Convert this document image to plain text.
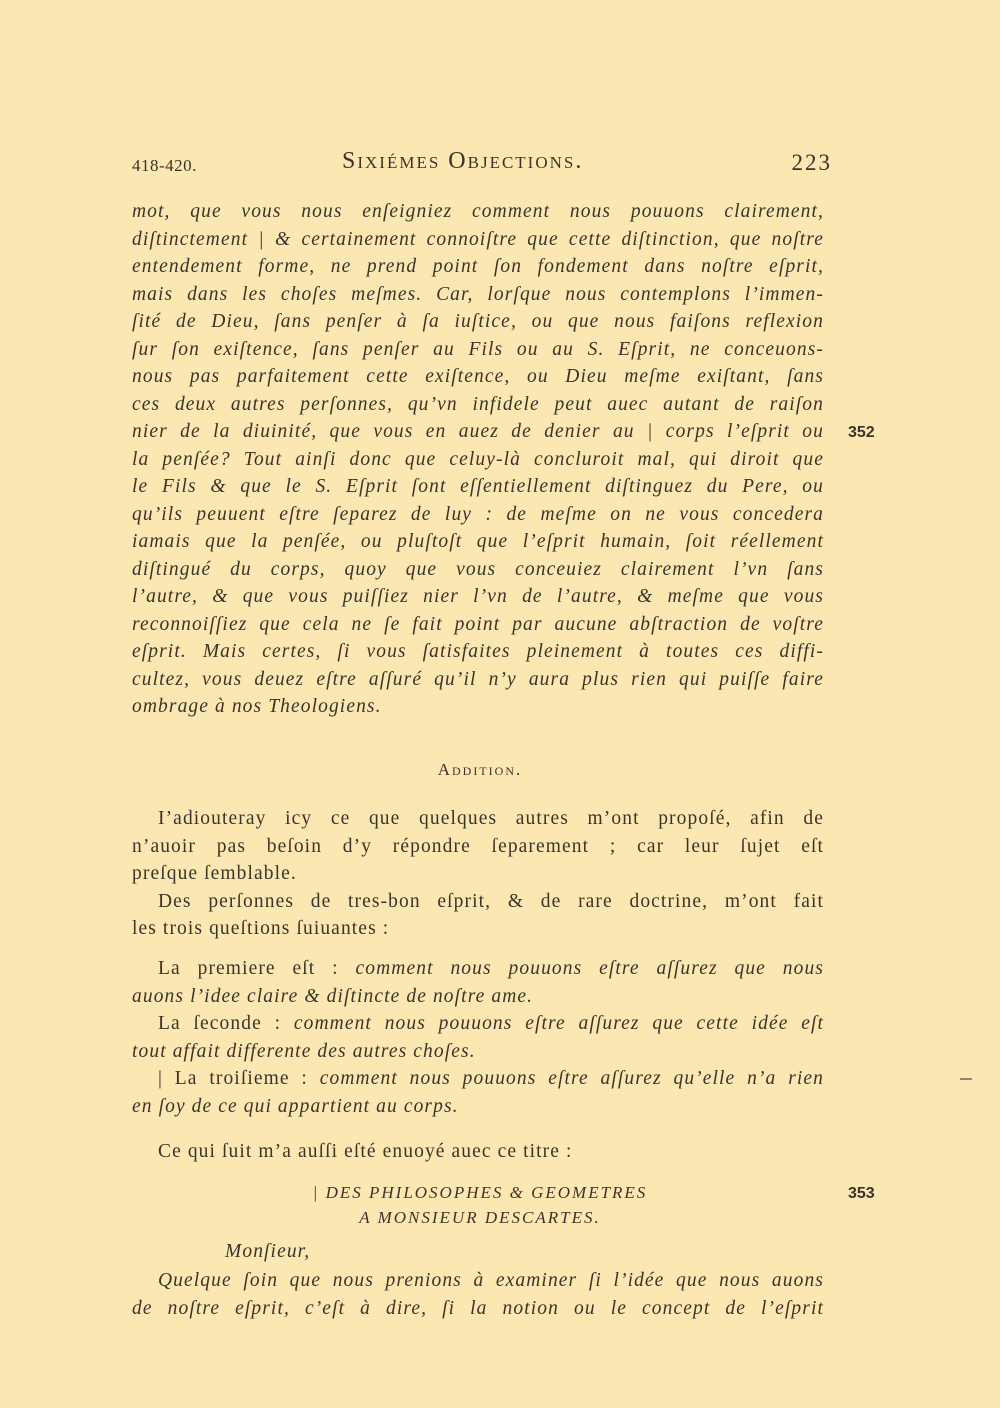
418-420.	Sixiémes Objections.	223
mot, que vous nous enſeigniez comment nous pouuons clairement,
diſtinctement | & certainement connoiſtre que cette diſtinction, que noſtre
entendement forme, ne prend point ſon fondement dans noſtre eſprit,
mais dans les choſes meſmes. Car, lorſque nous contemplons l’immen-
ſité de Dieu, ſans penſer à ſa iuſtice, ou que nous faiſons reflexion
ſur ſon exiſtence, ſans penſer au Fils ou au S. Eſprit, ne conceuons-
nous pas parfaitement cette exiſtence, ou Dieu meſme exiſtant, ſans
ces deux autres perſonnes, qu’vn infidele peut auec autant de raiſon
nier de la diuinité, que vous en auez de denier au | corps l’eſprit ou
la penſée? Tout ainſi donc que celuy-là concluroit mal, qui diroit que
le Fils & que le S. Eſprit ſont eſſentiellement diſtinguez du Pere, ou
qu’ils peuuent eſtre ſeparez de luy : de meſme on ne vous concedera
iamais que la penſée, ou pluſtoſt que l’eſprit humain, ſoit réellement
diſtingué du corps, quoy que vous conceuiez clairement l’vn ſans
l’autre, & que vous puiſſiez nier l’vn de l’autre, & meſme que vous
reconnoiſſiez que cela ne ſe fait point par aucune abſtraction de voſtre
eſprit. Mais certes, ſi vous ſatisfaites pleinement à toutes ces diffi-
cultez, vous deuez eſtre aſſuré qu’il n’y aura plus rien qui puiſſe faire
ombrage à nos Theologiens.
352
Addition.
I’adiouteray icy ce que quelques autres m’ont propoſé, afin de
n’auoir pas beſoin d’y répondre ſeparement ; car leur ſujet eſt
preſque ſemblable.
Des perſonnes de tres-bon eſprit, & de rare doctrine, m’ont fait
les trois queſtions ſuiuantes :
La premiere eſt : comment nous pouuons eſtre aſſurez que nous
auons l’idee claire & diſtincte de noſtre ame.
La ſeconde : comment nous pouuons eſtre aſſurez que cette idée eſt
tout affait differente des autres choſes.
| La troiſieme : comment nous pouuons eſtre aſſurez qu’elle n’a rien
en ſoy de ce qui appartient au corps.
Ce qui ſuit m’a auſſi eſté enuoyé auec ce titre :
| DES PHILOSOPHES & GEOMETRES	353
A MONSIEUR DESCARTES.
Monſieur,
Quelque ſoin que nous prenions à examiner ſi l’idée que nous auons
de noſtre eſprit, c’eſt à dire, ſi la notion ou le concept de l’eſprit
